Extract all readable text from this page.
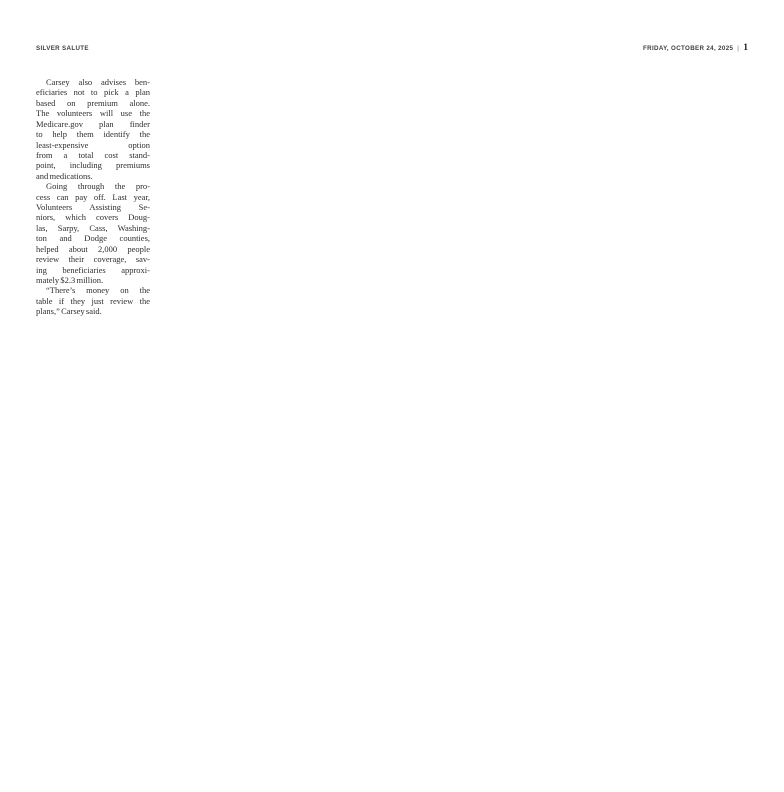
SILVER SALUTE	FRIDAY, OCTOBER 24, 2025 | 1
Carsey also advises ben-
eficiaries not to pick a plan
based on premium alone.
The volunteers will use the
Medicare.gov plan finder
to help them identify the
least-expensive option
from a total cost stand-
point, including premiums
and medications.
Going through the pro-
cess can pay off. Last year,
Volunteers Assisting Se-
niors, which covers Doug-
las, Sarpy, Cass, Washing-
ton and Dodge counties,
helped about 2,000 people
review their coverage, sav-
ing beneficiaries approxi-
mately $2.3 million.
“There’s money on the
table if they just review the
plans,” Carsey said.
